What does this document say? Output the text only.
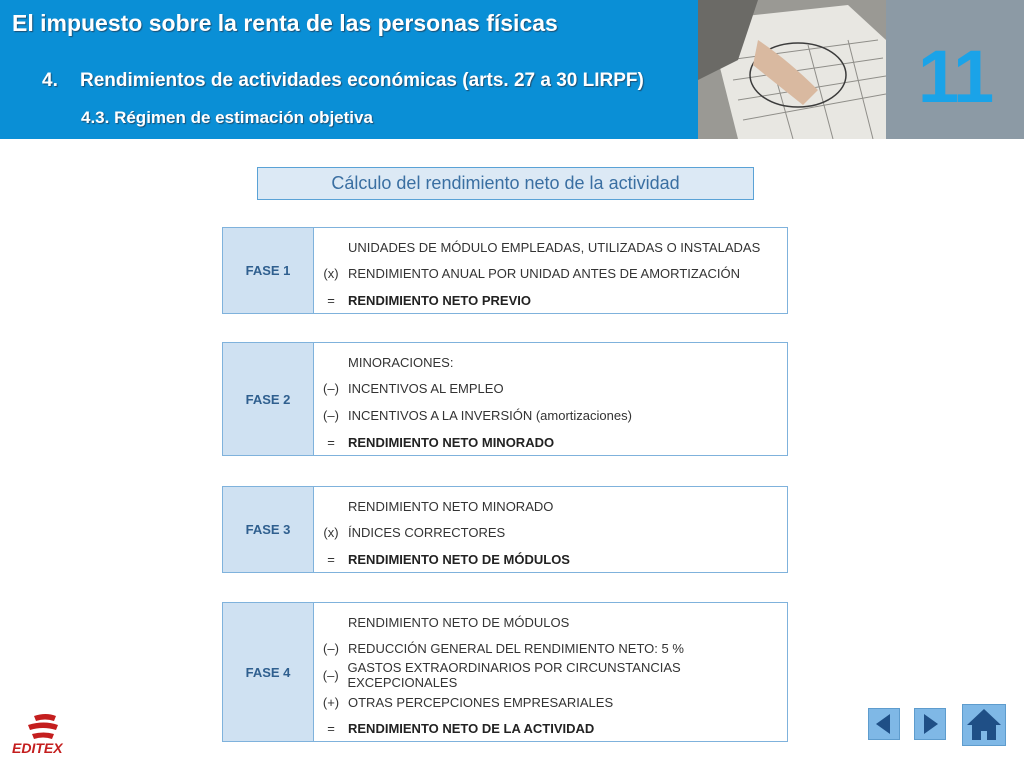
El impuesto sobre la renta de las personas físicas
4. Rendimientos de actividades económicas (arts. 27 a 30 LIRPF)
4.3. Régimen de estimación objetiva	11
Cálculo del rendimiento neto de la actividad
FASE 1
UNIDADES DE MÓDULO EMPLEADAS, UTILIZADAS O INSTALADAS
(x) RENDIMIENTO ANUAL POR UNIDAD ANTES DE AMORTIZACIÓN
=	RENDIMIENTO NETO PREVIO
FASE 2
MINORACIONES:
(–) INCENTIVOS AL EMPLEO
(–) INCENTIVOS A LA INVERSIÓN (amortizaciones)
=	RENDIMIENTO NETO MINORADO
FASE 3
RENDIMIENTO NETO MINORADO
(x) ÍNDICES CORRECTORES
=	RENDIMIENTO NETO DE MÓDULOS
FASE 4
RENDIMIENTO NETO DE MÓDULOS
(–) REDUCCIÓN GENERAL DEL RENDIMIENTO NETO: 5 %
(–) GASTOS EXTRAORDINARIOS POR CIRCUNSTANCIAS EXCEPCIONALES
(+) OTRAS PERCEPCIONES EMPRESARIALES
=	RENDIMIENTO NETO DE LA ACTIVIDAD
EDITEX
